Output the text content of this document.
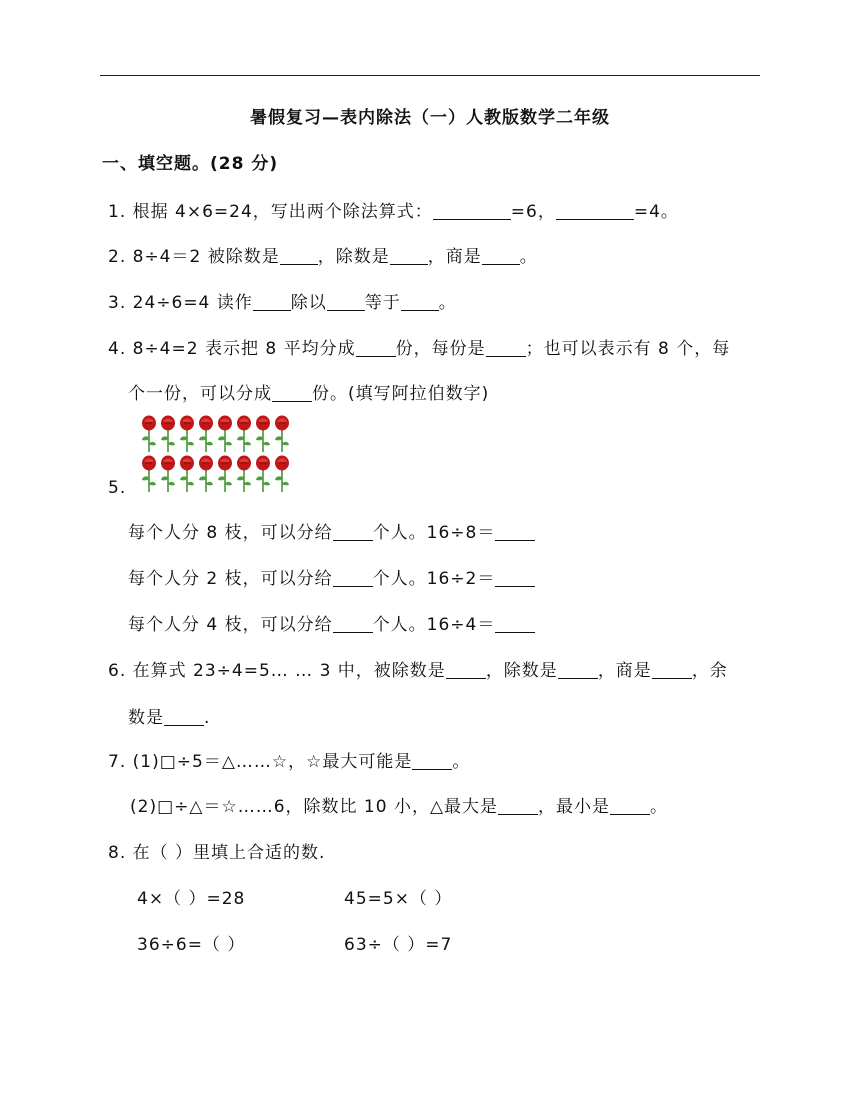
暑假复习—表内除法（一）人教版数学二年级
一、填空题。(28 分)
1. 根据 4×6=24，写出两个除法算式：	=6，	=4。
2. 8÷4＝2 被除数是 ，除数是 ，商是 。
3. 24÷6=4 读作 除以 等于 。
4. 8÷4=2 表示把 8 平均分成 份，每份是 ；也可以表示有 8 个，每
个一份，可以分成 份。(填写阿拉伯数字)
5.
每个人分 8 枝，可以分给 个人。16÷8＝
每个人分 2 枝，可以分给 个人。16÷2＝
每个人分 4 枝，可以分给 个人。16÷4＝
6. 在算式 23÷4=5… … 3 中，被除数是 ，除数是 ，商是 ，余
数是 .
7. (1)□÷5＝△……☆，☆最大可能是 。
(2)□÷△＝☆……6，除数比 10 小，△最大是 ，最小是 。
8. 在（ ）里填上合适的数.
4×（ ）=28	45=5×（ ）
36÷6=（ ）	63÷（ ）=7
